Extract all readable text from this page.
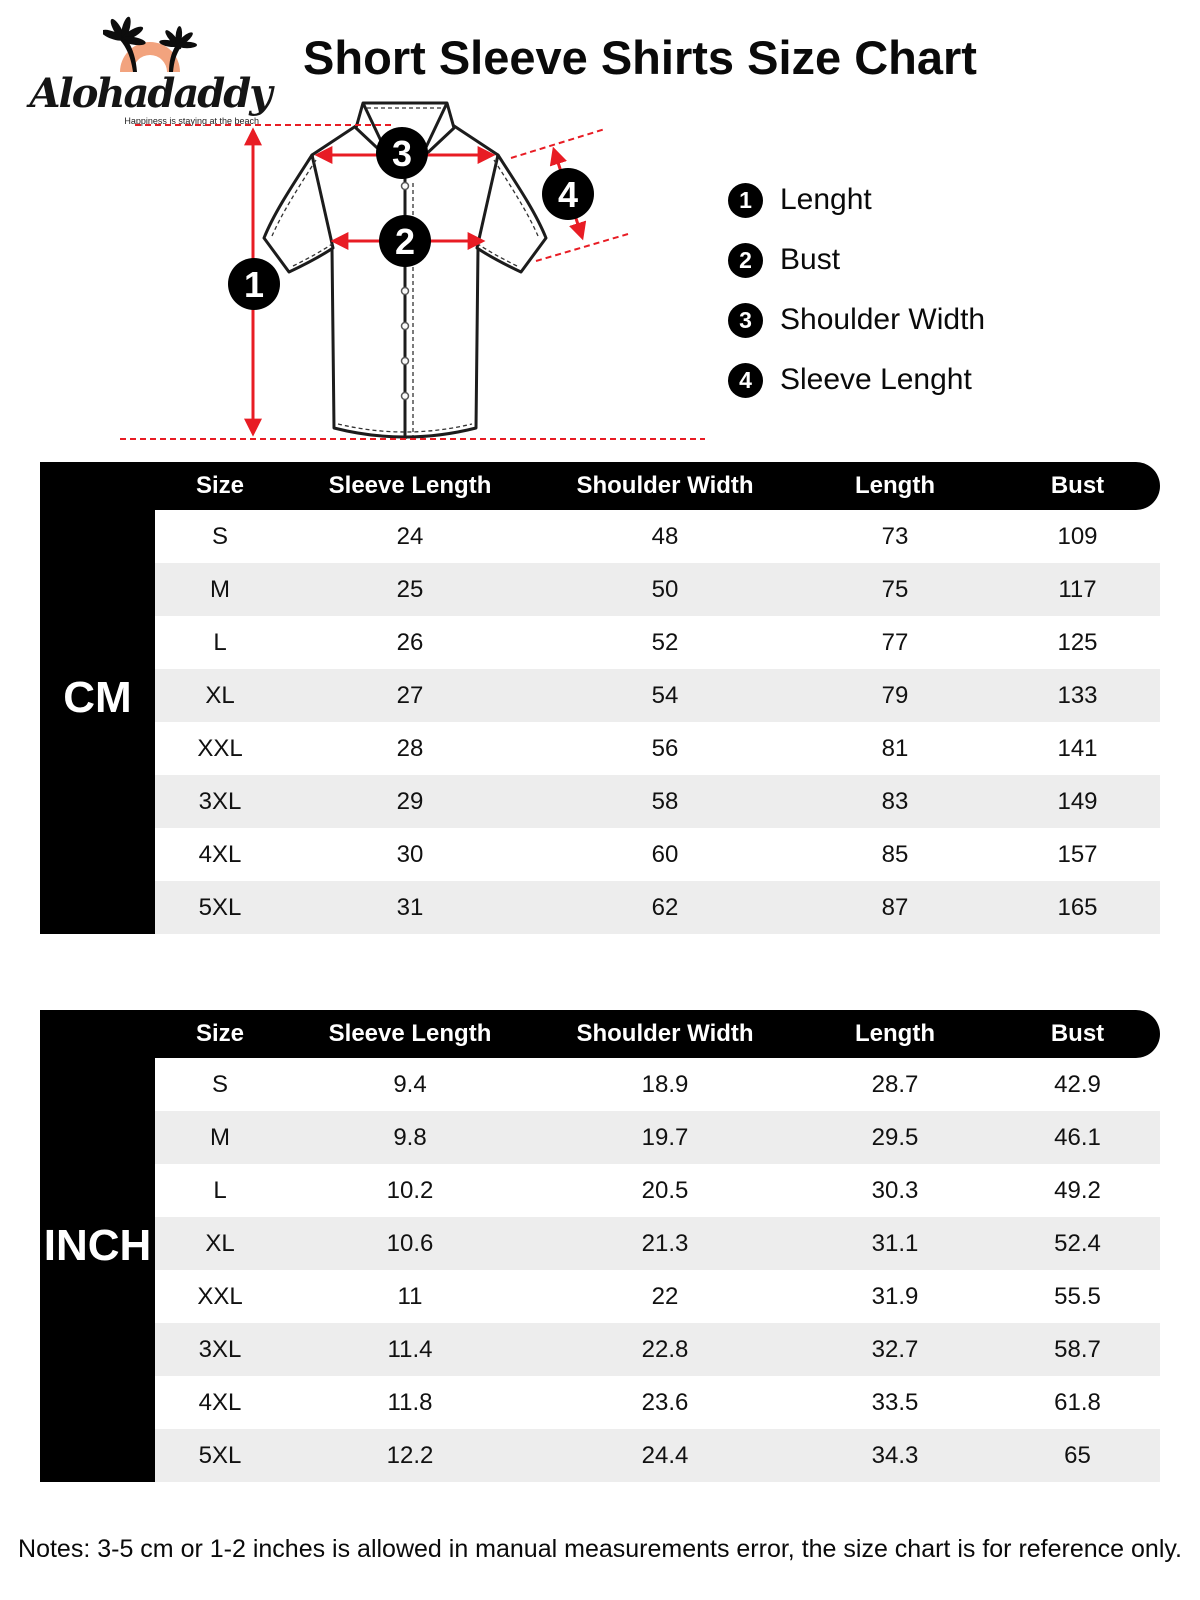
Alohadaddy
Happiness is staying at the beach
Short Sleeve Shirts Size Chart
1
2
3
4	1 Lenght
2 Bust
3 Shoulder Width
4 Sleeve Lenght
Size	Sleeve Length	Shoulder Width	Length	Bust
S	24	48	73	109
M	25	50	75	117
L	26	52	77	125
XL	27	54	79	133
XXL	28	56	81	141
3XL	29	58	83	149
4XL	30	60	85	157
5XL	31	62	87	165
CM
Size	Sleeve Length	Shoulder Width	Length	Bust
S	9.4	18.9	28.7	42.9
M	9.8	19.7	29.5	46.1
L	10.2	20.5	30.3	49.2
XL	10.6	21.3	31.1	52.4
XXL	11	22	31.9	55.5
3XL	11.4	22.8	32.7	58.7
4XL	11.8	23.6	33.5	61.8
5XL	12.2	24.4	34.3	65
INCH
Notes: 3-5 cm or 1-2 inches is allowed in manual measurements error, the size chart is for reference only.
